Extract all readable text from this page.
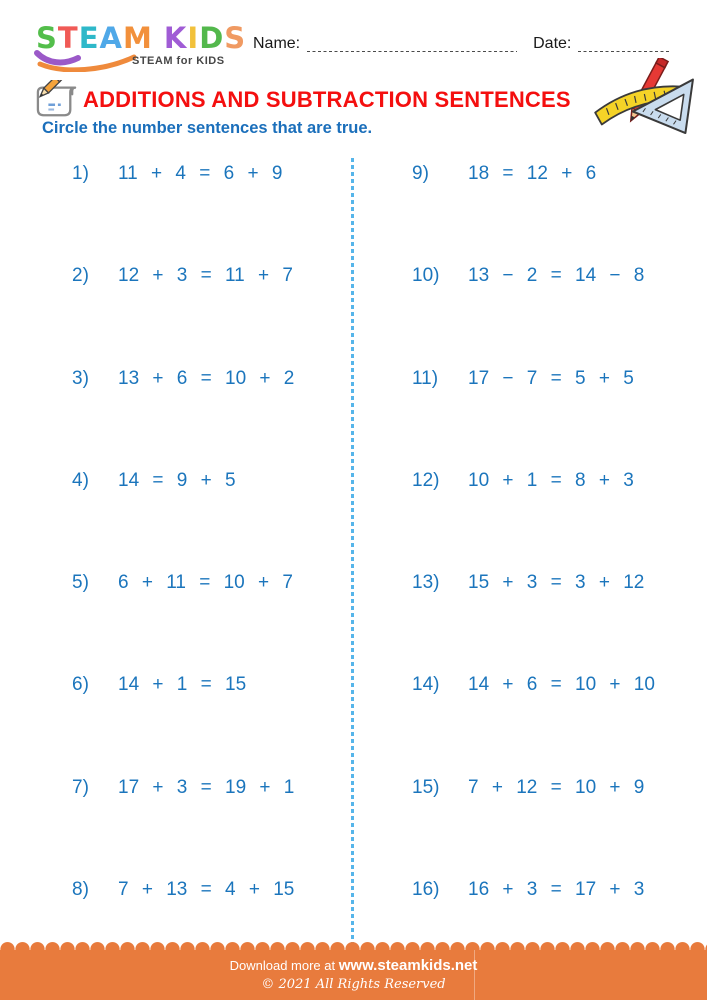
STEAM KIDS
STEAM for KIDS
Name:	Date:
ADDITIONS AND SUBTRACTION SENTENCES
Circle the number sentences that are true.
1)	11 + 4 = 6 + 9
2)	12 + 3 = 11 + 7
3)	13 + 6 = 10 + 2
4)	14 = 9 + 5
5)	6 + 11 = 10 + 7
6)	14 + 1 = 15
7)	17 + 3 = 19 + 1
8)	7 + 13 = 4 + 15
9)	18 = 12 + 6
10)	13 − 2 = 14 − 8
11)	17 − 7 = 5 + 5
12)	10 + 1 = 8 + 3
13)	15 + 3 = 3 + 12
14)	14 + 6 = 10 + 10
15)	7 + 12 = 10 + 9
16)	16 + 3 = 17 + 3
Download more at www.steamkids.net
© 2021 All Rights Reserved
